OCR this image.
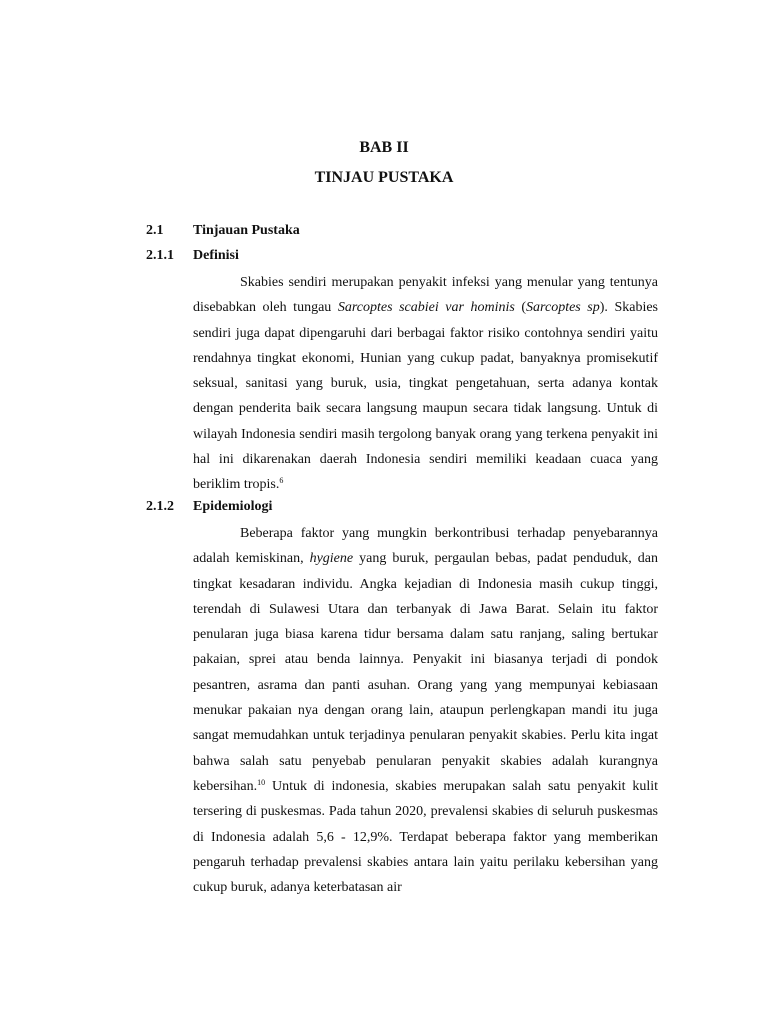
BAB II
TINJAU PUSTAKA
2.1 Tinjauan Pustaka
2.1.1 Definisi

Skabies sendiri merupakan penyakit infeksi yang menular yang tentunya disebabkan oleh tungau Sarcoptes scabiei var hominis (Sarcoptes sp). Skabies sendiri juga dapat dipengaruhi dari berbagai faktor risiko contohnya sendiri yaitu rendahnya tingkat ekonomi, Hunian yang cukup padat, banyaknya promisekutif seksual, sanitasi yang buruk, usia, tingkat pengetahuan, serta adanya kontak dengan penderita baik secara langsung maupun secara tidak langsung. Untuk di wilayah Indonesia sendiri masih tergolong banyak orang yang terkena penyakit ini hal ini dikarenakan daerah Indonesia sendiri memiliki keadaan cuaca yang beriklim tropis.$^6$

2.1.2 Epidemiologi

Beberapa faktor yang mungkin berkontribusi terhadap penyebarannya adalah kemiskinan, hygiene yang buruk, pergaulan bebas, padat penduduk, dan tingkat kesadaran individu. Angka kejadian di Indonesia masih cukup tinggi, terendah di Sulawesi Utara dan terbanyak di Jawa Barat. Selain itu faktor penularan juga biasa karena tidur bersama dalam satu ranjang, saling bertukar pakaian, sprei atau benda lainnya. Penyakit ini biasanya terjadi di pondok pesantren, asrama dan panti asuhan. Orang yang yang mempunyai kebiasaan menukar pakaian nya dengan orang lain, ataupun perlengkapan mandi itu juga sangat memudahkan untuk terjadinya penularan penyakit skabies. Perlu kita ingat bahwa salah satu penyebab penularan penyakit skabies adalah kurangnya kebersihan.$^{10}$ Untuk di indonesia, skabies merupakan salah satu penyakit kulit tersering di puskesmas. Pada tahun 2020, prevalensi skabies di seluruh puskesmas di Indonesia adalah 5,6 - 12,9%. Terdapat beberapa faktor yang memberikan pengaruh terhadap prevalensi skabies antara lain yaitu perilaku kebersihan yang cukup buruk, adanya keterbatasan air
